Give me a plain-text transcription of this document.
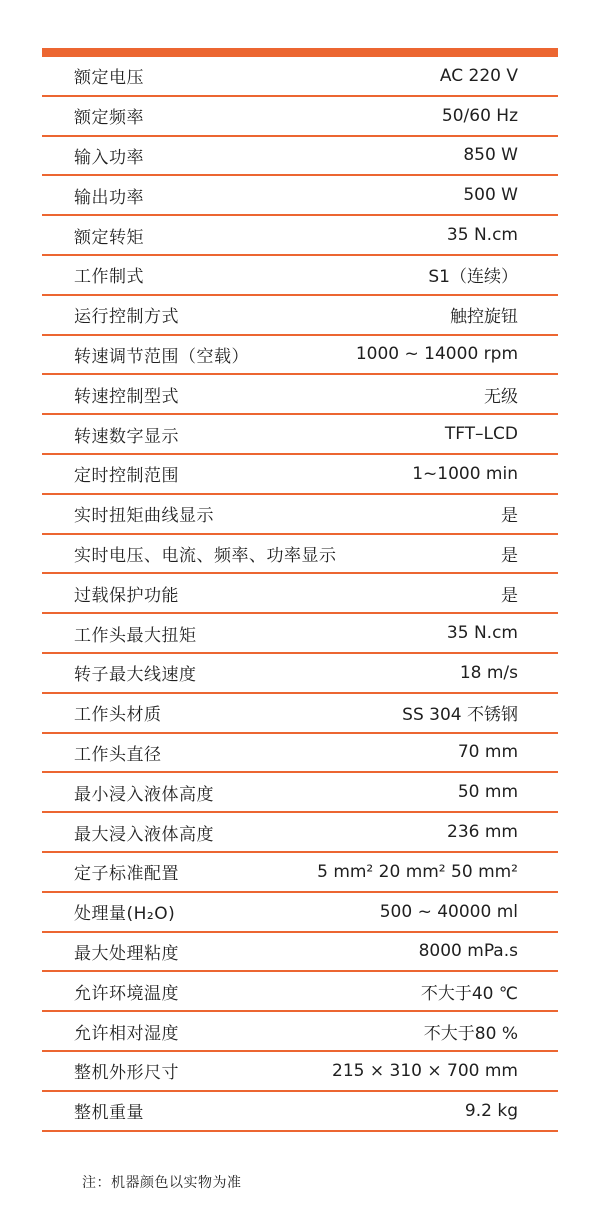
额定电压	AC 220 V
额定频率	50/60 Hz
输入功率	850 W
输出功率	500 W
额定转矩	35 N.cm
工作制式	S1（连续）
运行控制方式	触控旋钮
转速调节范围（空载）	1000 ~ 14000 rpm
转速控制型式	无级
转速数字显示	TFT–LCD
定时控制范围	1~1000 min
实时扭矩曲线显示	是
实时电压、电流、频率、功率显示	是
过载保护功能	是
工作头最大扭矩	35 N.cm
转子最大线速度	18 m/s
工作头材质	SS 304 不锈钢
工作头直径	70 mm
最小浸入液体高度	50 mm
最大浸入液体高度	236 mm
定子标准配置	5 mm² 20 mm² 50 mm²
处理量(H₂O)	500 ~ 40000 ml
最大处理粘度	8000 mPa.s
允许环境温度	不大于40 ℃
允许相对湿度	不大于80 %
整机外形尺寸	215 × 310 × 700 mm
整机重量	9.2 kg
注：机器颜色以实物为准
